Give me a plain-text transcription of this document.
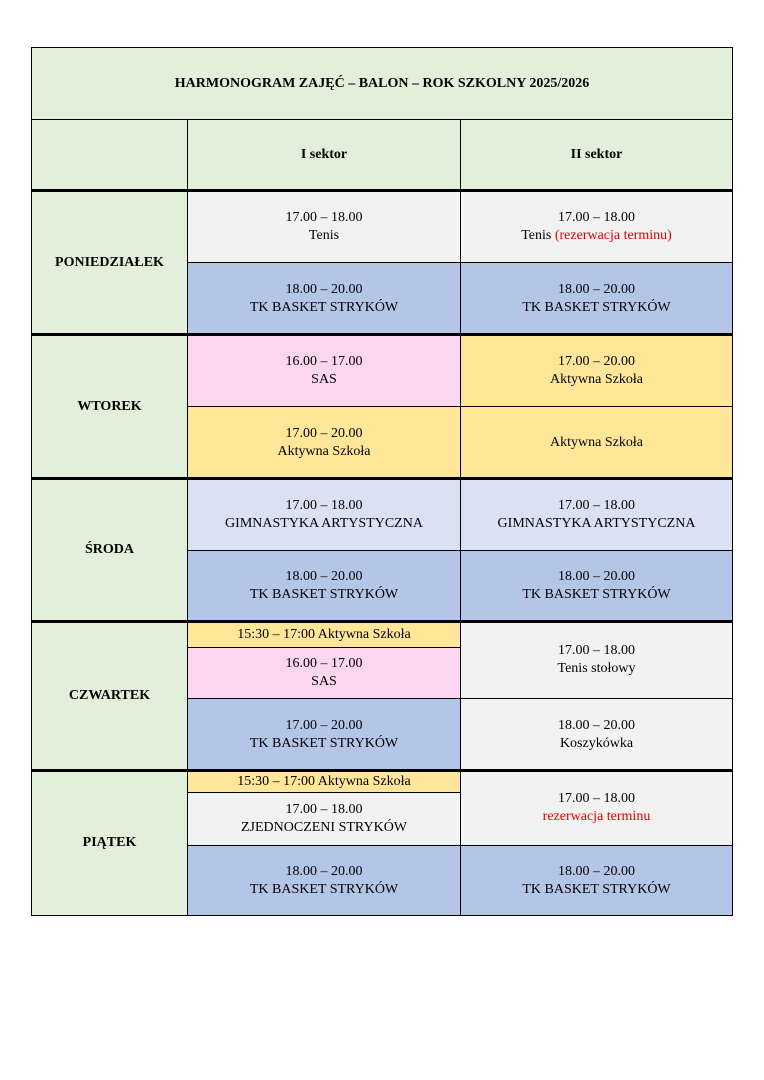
HARMONOGRAM ZAJĘĆ – BALON – ROK SZKOLNY 2025/2026
I sektor	II sektor
PONIEDZIAŁEK
17.00 – 18.00
Tenis
18.00 – 20.00
TK BASKET STRYKÓW
17.00 – 18.00
Tenis (rezerwacja terminu)
18.00 – 20.00
TK BASKET STRYKÓW
WTOREK
16.00 – 17.00
SAS
17.00 – 20.00
Aktywna Szkoła
17.00 – 20.00
Aktywna Szkoła
Aktywna Szkoła
ŚRODA
17.00 – 18.00
GIMNASTYKA ARTYSTYCZNA
18.00 – 20.00
TK BASKET STRYKÓW
17.00 – 18.00
GIMNASTYKA ARTYSTYCZNA
18.00 – 20.00
TK BASKET STRYKÓW
CZWARTEK
15:30 – 17:00 Aktywna Szkoła
16.00 – 17.00
SAS
17.00 – 20.00
TK BASKET STRYKÓW
17.00 – 18.00
Tenis stołowy
18.00 – 20.00
Koszykówka
PIĄTEK
15:30 – 17:00 Aktywna Szkoła
17.00 – 18.00
ZJEDNOCZENI STRYKÓW
18.00 – 20.00
TK BASKET STRYKÓW
17.00 – 18.00
rezerwacja terminu
18.00 – 20.00
TK BASKET STRYKÓW
